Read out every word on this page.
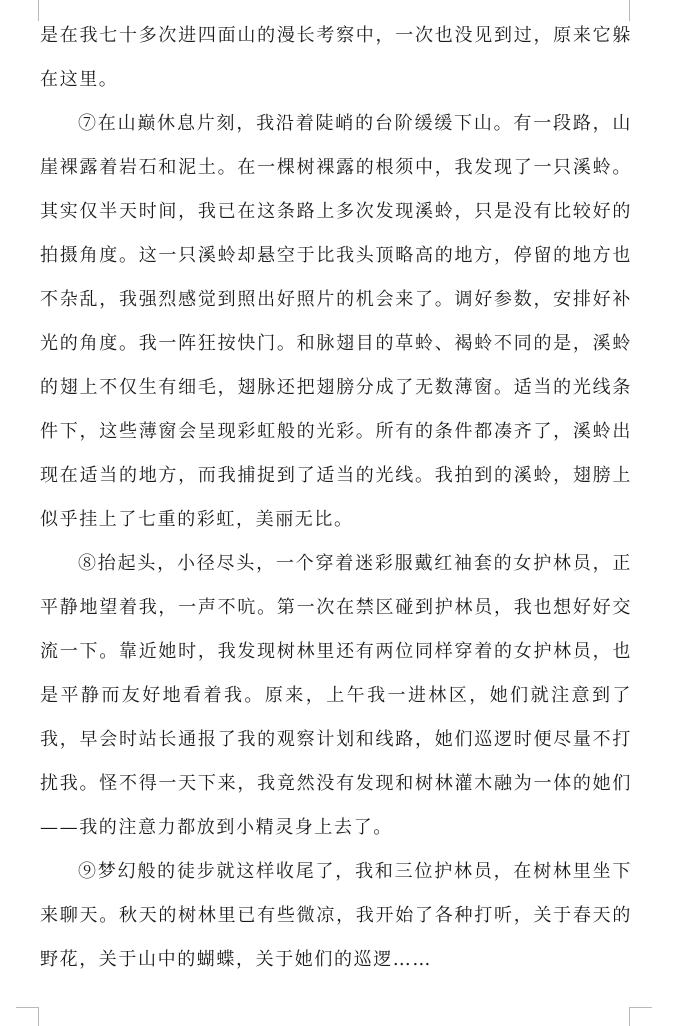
是在我七十多次进四面山的漫长考察中，一次也没见到过，原来它躲在这里。

⑦在山巅休息片刻，我沿着陡峭的台阶缓缓下山。有一段路，山崖裸露着岩石和泥土。在一棵树裸露的根须中，我发现了一只溪蛉。其实仅半天时间，我已在这条路上多次发现溪蛉，只是没有比较好的拍摄角度。这一只溪蛉却悬空于比我头顶略高的地方，停留的地方也不杂乱，我强烈感觉到照出好照片的机会来了。调好参数，安排好补光的角度。我一阵狂按快门。和脉翅目的草蛉、褐蛉不同的是，溪蛉的翅上不仅生有细毛，翅脉还把翅膀分成了无数薄窗。适当的光线条件下，这些薄窗会呈现彩虹般的光彩。所有的条件都凑齐了，溪蛉出现在适当的地方，而我捕捉到了适当的光线。我拍到的溪蛉，翅膀上似乎挂上了七重的彩虹，美丽无比。

⑧抬起头，小径尽头，一个穿着迷彩服戴红袖套的女护林员，正平静地望着我，一声不吭。第一次在禁区碰到护林员，我也想好好交流一下。靠近她时，我发现树林里还有两位同样穿着的女护林员，也是平静而友好地看着我。原来，上午我一进林区，她们就注意到了我，早会时站长通报了我的观察计划和线路，她们巡逻时便尽量不打扰我。怪不得一天下来，我竟然没有发现和树林灌木融为一体的她们——我的注意力都放到小精灵身上去了。

⑨梦幻般的徒步就这样收尾了，我和三位护林员，在树林里坐下来聊天。秋天的树林里已有些微凉，我开始了各种打听，关于春天的野花，关于山中的蝴蝶，关于她们的巡逻……
